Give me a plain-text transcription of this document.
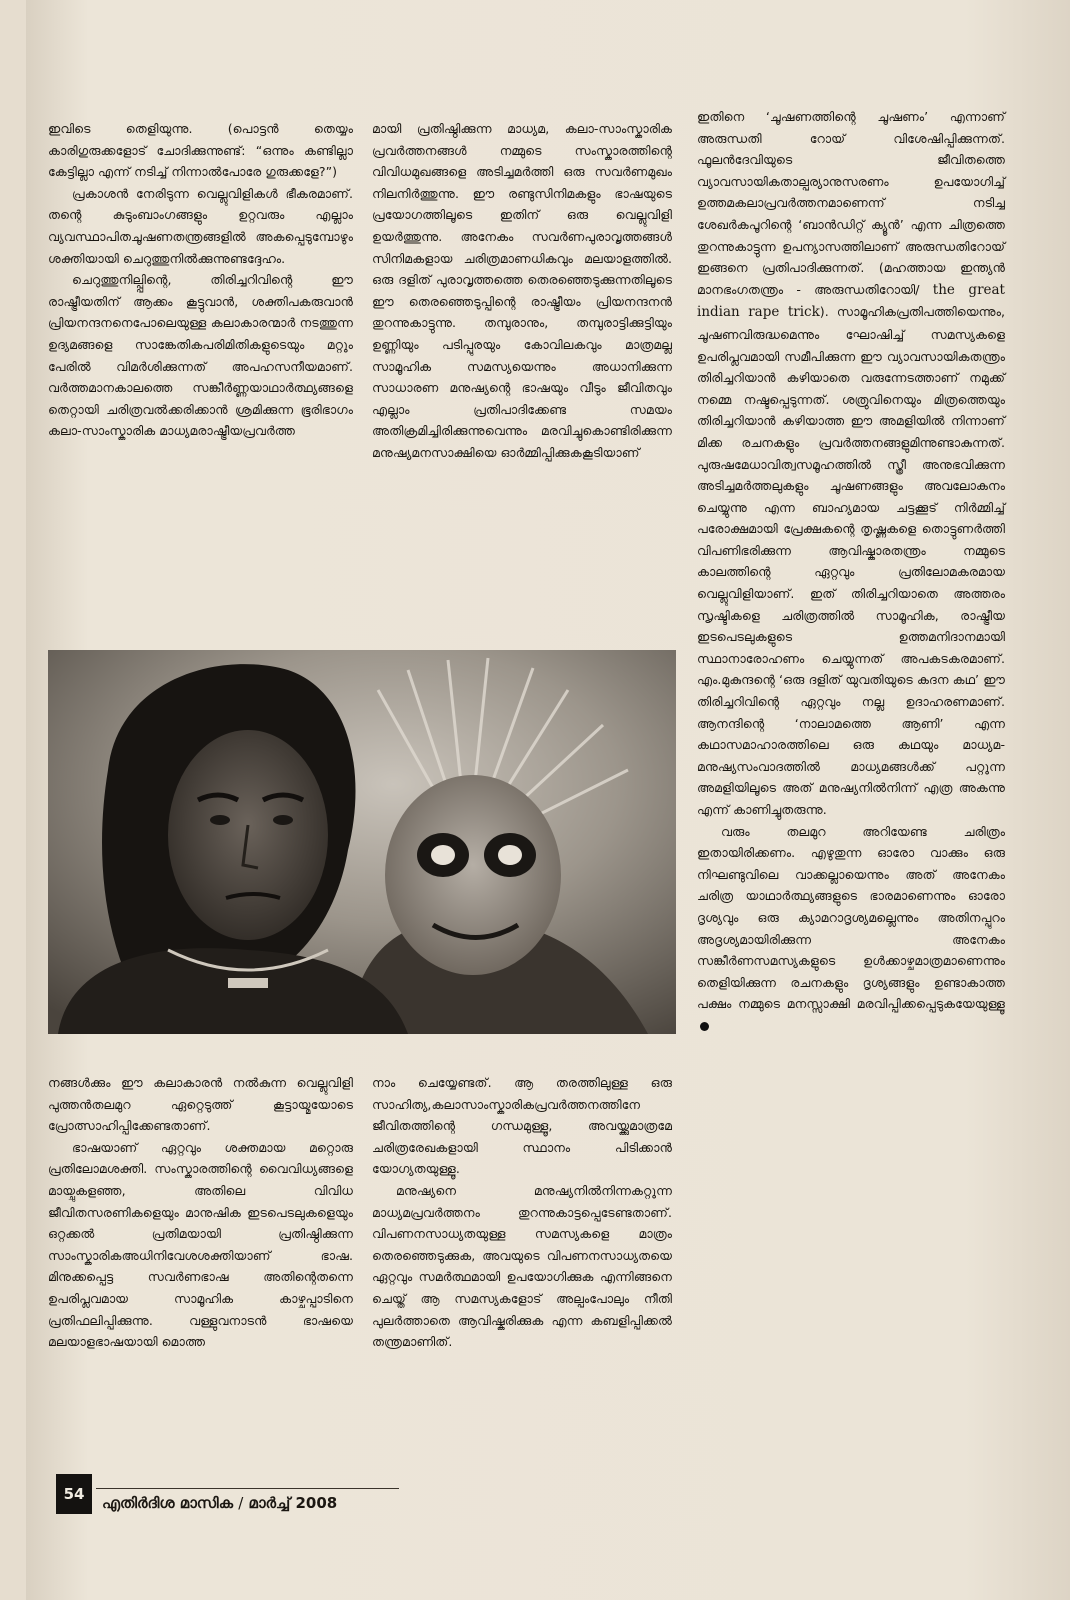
ഇവിടെ തെളിയുന്നു. (പൊട്ടൻ തെയ്യം കാരിഗുരുക്കളോട് ചോദിക്കുന്നുണ്ട്: “ഒന്നും കണ്ടില്ലാ കേട്ടില്ലാ എന്ന് നടിച്ച് നിന്നാൽപോരേ ഗുരുക്കളേ?”)

പ്രകാശൻ നേരിടുന്ന വെല്ലുവിളികൾ ഭീകരമാണ്. തന്റെ കുടുംബാംഗങ്ങളും ഉറ്റവരും എല്ലാം വ്യവസ്ഥാപിതചൂഷണതന്ത്രങ്ങളിൽ അകപ്പെടുമ്പോഴും ശക്തിയായി ചെറുത്തുനിൽക്കുന്നുണ്ടദ്ദേഹം.

ചെറുത്തുനില്പ്പിന്റെ, തിരിച്ചറിവിന്റെ ഈ രാഷ്ട്രീയതിന് ആക്കം കൂട്ടുവാൻ, ശക്തിപകരുവാൻ പ്രിയനന്ദനനെപോലെയുള്ള കലാകാരന്മാർ നടത്തുന്ന ഉദ്യമങ്ങളെ സാങ്കേതികപരിമിതികളുടെയും മറ്റും പേരിൽ വിമർശിക്കുന്നത് അപഹസനീയമാണ്. വർത്തമാനകാലത്തെ സങ്കീർണ്ണയാഥാർത്ഥ്യങ്ങളെ തെറ്റായി ചരിത്രവൽക്കരിക്കാൻ ശ്രമിക്കുന്ന ഭൂരിഭാഗം കലാ-സാംസ്കാരിക മാധ്യമരാഷ്ട്രീയപ്രവർത്ത

മായി പ്രതിഷ്ഠിക്കുന്ന മാധ്യമ, കലാ-സാംസ്കാരിക പ്രവർത്തനങ്ങൾ നമ്മുടെ സംസ്കാരത്തിന്റെ വിവിധമുഖങ്ങളെ അടിച്ചമർത്തി ഒരു സവർണമുഖം നിലനിർത്തുന്നു. ഈ രണ്ടുസിനിമകളും ഭാഷയുടെ പ്രയോഗത്തിലൂടെ ഇതിന് ഒരു വെല്ലുവിളി ഉയർത്തുന്നു. അനേകം സവർണപുരാവൃത്തങ്ങൾ സിനിമകളായ ചരിത്രമാണധികവും മലയാളത്തിൽ. ഒരു ദളിത് പുരാവൃത്തത്തെ തെരഞ്ഞെടുക്കുന്നതിലൂടെ ഈ തെരഞ്ഞെടുപ്പിന്റെ രാഷ്ട്രീയം പ്രിയനന്ദനൻ തുറന്നുകാട്ടുന്നു. തമ്പുരാനും, തമ്പുരാട്ടിക്കുട്ടിയും ഉണ്ണിയും പടിപ്പുരയും കോവിലകവും മാത്രമല്ല സാമൂഹിക സമസ്യയെന്നും അധാനിക്കുന്ന സാധാരണ മനുഷ്യന്റെ ഭാഷയും വീടും ജീവിതവും എല്ലാം പ്രതിപാദിക്കേണ്ട സമയം അതിക്രമിച്ചിരിക്കുന്നുവെന്നും മരവിച്ചുകൊണ്ടിരിക്കുന്ന മനുഷ്യമനസാക്ഷിയെ ഓർമ്മിപ്പിക്കുകകൂടിയാണ്

ഇതിനെ ‘ചൂഷണത്തിന്റെ ചൂഷണം’ എന്നാണ് അരുന്ധതി റോയ് വിശേഷിപ്പിക്കുന്നത്. ഫൂലൻദേവിയുടെ ജീവിതത്തെ വ്യാവസായികതാല്പര്യാനുസരണം ഉപയോഗിച്ച് ഉത്തമകലാപ്രവർത്തനമാണെന്ന് നടിച്ച ശേഖർകപൂറിന്റെ ‘ബാൻഡിറ്റ് ക്യൂൻ’ എന്ന ചിത്രത്തെ തുറന്നുകാട്ടുന്ന ഉപന്യാസത്തിലാണ് അരുന്ധതിറോയ് ഇങ്ങനെ പ്രതിപാദിക്കുന്നത്. (മഹത്തായ ഇന്ത്യൻ മാനഭംഗതന്ത്രം - അരുന്ധതിറോയി/ the great indian rape trick). സാമൂഹികപ്രതിപത്തിയെന്നും, ചൂഷണവിരുദ്ധമെന്നും ഘോഷിച്ച് സമസ്യകളെ ഉപരിപ്ലവമായി സമീപിക്കുന്ന ഈ വ്യാവസായികതന്ത്രം തിരിച്ചറിയാൻ കഴിയാതെ വരുന്നേടത്താണ് നമുക്ക് നമ്മെ നഷ്ടപ്പെടുന്നത്. ശത്രുവിനെയും മിത്രത്തെയും തിരിച്ചറിയാൻ കഴിയാത്ത ഈ അമളിയിൽ നിന്നാണ് മിക്ക രചനകളും പ്രവർത്തനങ്ങളുമിന്നുണ്ടാകുന്നത്. പുരുഷമേധാവിത്വസമൂഹത്തിൽ സ്ത്രീ അനുഭവിക്കുന്ന അടിച്ചമർത്തലുകളും ചൂഷണങ്ങളും അവലോകനം ചെയ്യുന്നു എന്ന ബാഹ്യമായ ചട്ടക്കൂട് നിർമ്മിച്ച് പരോക്ഷമായി പ്രേക്ഷകന്റെ തൃഷ്ണകളെ തൊട്ടുണർത്തി വിപണിഭരിക്കുന്ന ആവിഷ്കാരതന്ത്രം നമ്മുടെ കാലത്തിന്റെ ഏറ്റവും പ്രതിലോമകരമായ വെല്ലുവിളിയാണ്. ഇത് തിരിച്ചറിയാതെ അത്തരം സൃഷ്ടികളെ ചരിത്രത്തിൽ സാമൂഹിക, രാഷ്ട്രീയ ഇടപെടലുകളുടെ ഉത്തമനിദാനമായി സ്ഥാനാരോഹണം ചെയ്യുന്നത് അപകടകരമാണ്. എം.മുകുന്ദന്റെ ‘ഒരു ദളിത് യുവതിയുടെ കദന കഥ’ ഈ തിരിച്ചറിവിന്റെ ഏറ്റവും നല്ല ഉദാഹരണമാണ്. ആനന്ദിന്റെ ‘നാലാമത്തെ ആണി’ എന്ന കഥാസമാഹാരത്തിലെ ഒരു കഥയും മാധ്യമ-മനുഷ്യസംവാദത്തിൽ മാധ്യമങ്ങൾക്ക് പറ്റുന്ന അമളിയിലൂടെ അത് മനുഷ്യനിൽനിന്ന് എത്ര അകന്നു എന്ന് കാണിച്ചുതരുന്നു.

വരും തലമുറ അറിയേണ്ട ചരിത്രം ഇതായിരിക്കണം. എഴുതുന്ന ഓരോ വാക്കും ഒരു നിഘണ്ടുവിലെ വാക്കല്ലായെന്നും അത് അനേകം ചരിത്ര യാഥാർത്ഥ്യങ്ങളുടെ ഭാരമാണെന്നും ഓരോ ദൃശ്യവും ഒരു ക്യാമറാദൃശ്യമല്ലെന്നും അതിനപ്പുറം അദൃശ്യമായിരിക്കുന്ന അനേകം സങ്കീർണസമസ്യകളുടെ ഉൾക്കാഴ്ചമാത്രമാണെന്നും തെളിയിക്കുന്ന രചനകളും ദൃശ്യങ്ങളും ഉണ്ടാകാത്ത പക്ഷം നമ്മുടെ മനസ്സാക്ഷി മരവിപ്പിക്കപ്പെടുകയേയുള്ളൂ

നങ്ങൾക്കും ഈ കലാകാരൻ നൽകുന്ന വെല്ലുവിളി പുത്തൻതലമുറ ഏറ്റെടുത്ത് കൂട്ടായ്മയോടെ പ്രോത്സാഹിപ്പിക്കേണ്ടതാണ്.

ഭാഷയാണ് ഏറ്റവും ശക്തമായ മറ്റൊരു പ്രതിലോമശക്തി. സംസ്കാരത്തിന്റെ വൈവിധ്യങ്ങളെ മായ്ചുകളഞ്ഞ, അതിലെ വിവിധ ജീവിതസരണികളെയും മാനുഷിക ഇടപെടലുകളെയും ഒറ്റക്കൽ പ്രതിമയായി പ്രതിഷ്ഠിക്കുന്ന സാംസ്കാരികഅധിനിവേശശക്തിയാണ് ഭാഷ. മിനുക്കപ്പെട്ട സവർണഭാഷ അതിന്റെതന്നെ ഉപരിപ്ലവമായ സാമൂഹിക കാഴ്ചപ്പാടിനെ പ്രതിഫലിപ്പിക്കുന്നു. വള്ളുവനാടൻ ഭാഷയെ മലയാളഭാഷയായി മൊത്ത

നാം ചെയ്യേണ്ടത്. ആ തരത്തിലുള്ള ഒരു സാഹിത്യ,കലാസാംസ്കാരികപ്രവർത്തനത്തിനേ ജീവിതത്തിന്റെ ഗന്ധമുള്ളൂ, അവയ്ക്കുമാത്രമേ ചരിത്രരേഖകളായി സ്ഥാനം പിടിക്കാൻ യോഗ്യതയുള്ളൂ.

മനുഷ്യനെ മനുഷ്യനിൽനിന്നകറ്റുന്ന മാധ്യമപ്രവർത്തനം തുറന്നുകാട്ടപ്പെടേണ്ടതാണ്. വിപണനസാധ്യതയുള്ള സമസ്യകളെ മാത്രം തെരഞ്ഞെടുക്കുക, അവയുടെ വിപണനസാധ്യതയെ ഏറ്റവും സമർത്ഥമായി ഉപയോഗിക്കുക എന്നിങ്ങനെ ചെയ്ത് ആ സമസ്യകളോട് അല്പംപോലും നീതി പുലർത്താതെ ആവിഷ്കരിക്കുക എന്ന കബളിപ്പിക്കൽ തന്ത്രമാണിത്.

54	എതിർദിശ മാസിക / മാർച്ച് 2008
